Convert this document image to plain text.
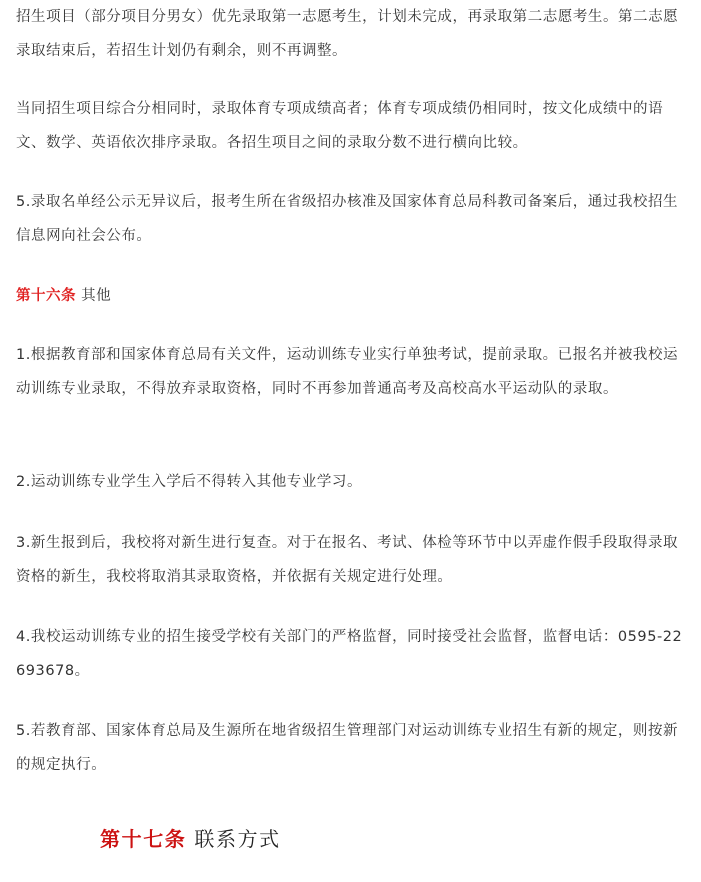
招生项目（部分项目分男女）优先录取第一志愿考生，计划未完成，再录取第二志愿考生。第二志愿录取结束后，若招生计划仍有剩余，则不再调整。
当同招生项目综合分相同时，录取体育专项成绩高者；体育专项成绩仍相同时，按文化成绩中的语文、数学、英语依次排序录取。各招生项目之间的录取分数不进行横向比较。
5.录取名单经公示无异议后，报考生所在省级招办核准及国家体育总局科教司备案后，通过我校招生信息网向社会公布。
第十六条 其他
1.根据教育部和国家体育总局有关文件，运动训练专业实行单独考试，提前录取。已报名并被我校运动训练专业录取，不得放弃录取资格，同时不再参加普通高考及高校高水平运动队的录取。
2.运动训练专业学生入学后不得转入其他专业学习。
3.新生报到后，我校将对新生进行复查。对于在报名、考试、体检等环节中以弄虚作假手段取得录取资格的新生，我校将取消其录取资格，并依据有关规定进行处理。
4.我校运动训练专业的招生接受学校有关部门的严格监督，同时接受社会监督，监督电话：0595-22693678。
5.若教育部、国家体育总局及生源所在地省级招生管理部门对运动训练专业招生有新的规定，则按新的规定执行。
第十七条 联系方式
